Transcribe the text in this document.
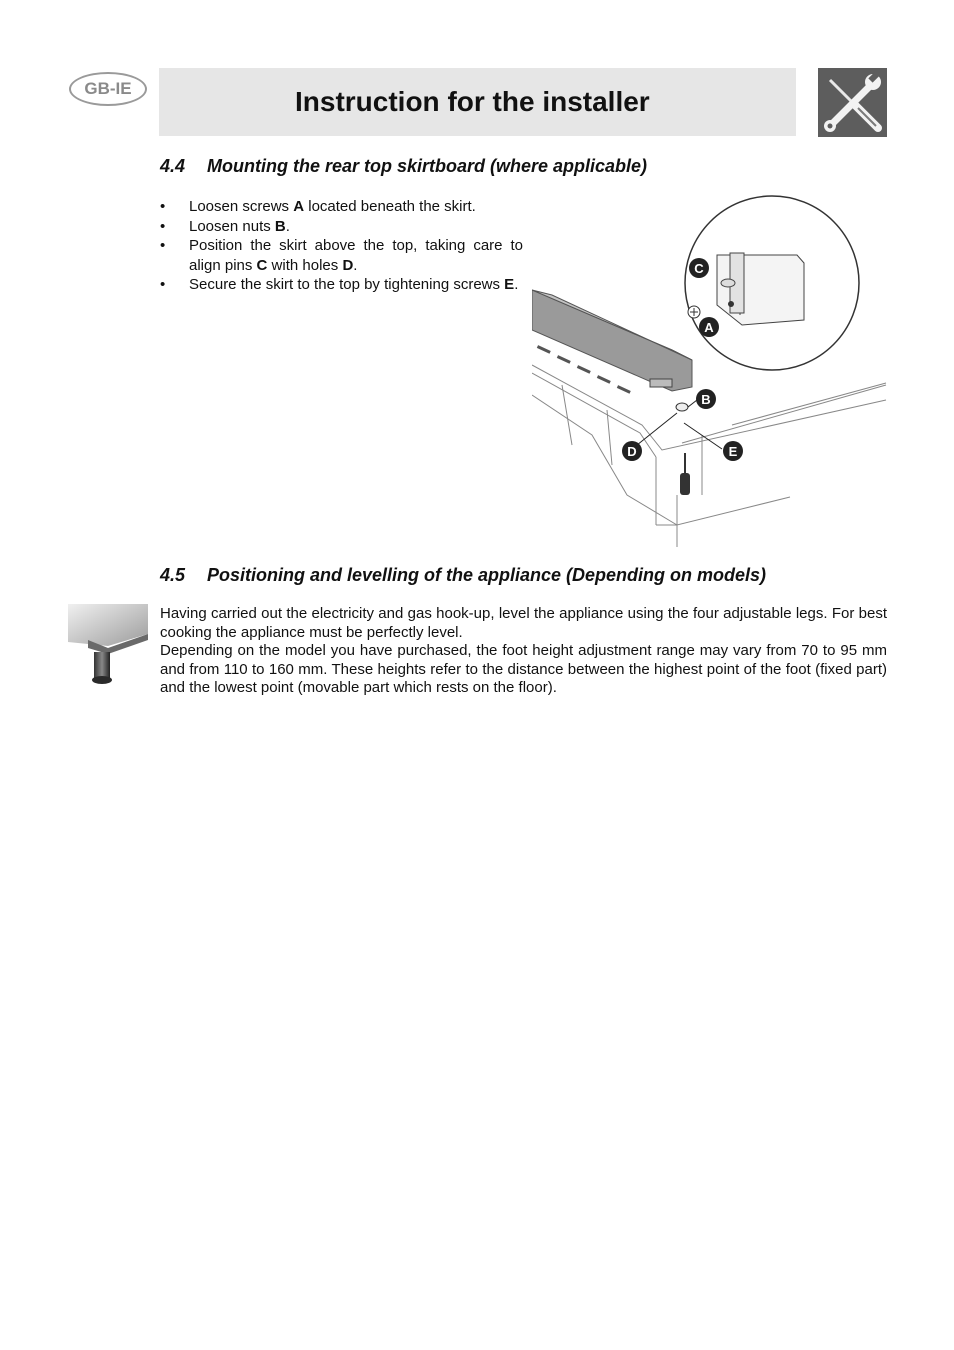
GB-IE	Instruction for the installer
4.4 Mounting the rear top skirtboard (where applicable)
• Loosen screws A located beneath the skirt.
• Loosen nuts B.
• Position the skirt above the top, taking care to align pins C with holes D.
• Secure the skirt to the top by tightening screws E.
C
A
B
D	E
4.5 Positioning and levelling of the appliance (Depending on models)
Having carried out the electricity and gas hook-up, level the appliance using the four adjustable legs. For best cooking the appliance must be perfectly level.
Depending on the model you have purchased, the foot height adjustment range may vary from 70 to 95 mm and from 110 to 160 mm. These heights refer to the distance between the highest point of the foot (fixed part) and the lowest point (movable part which rests on the floor).
